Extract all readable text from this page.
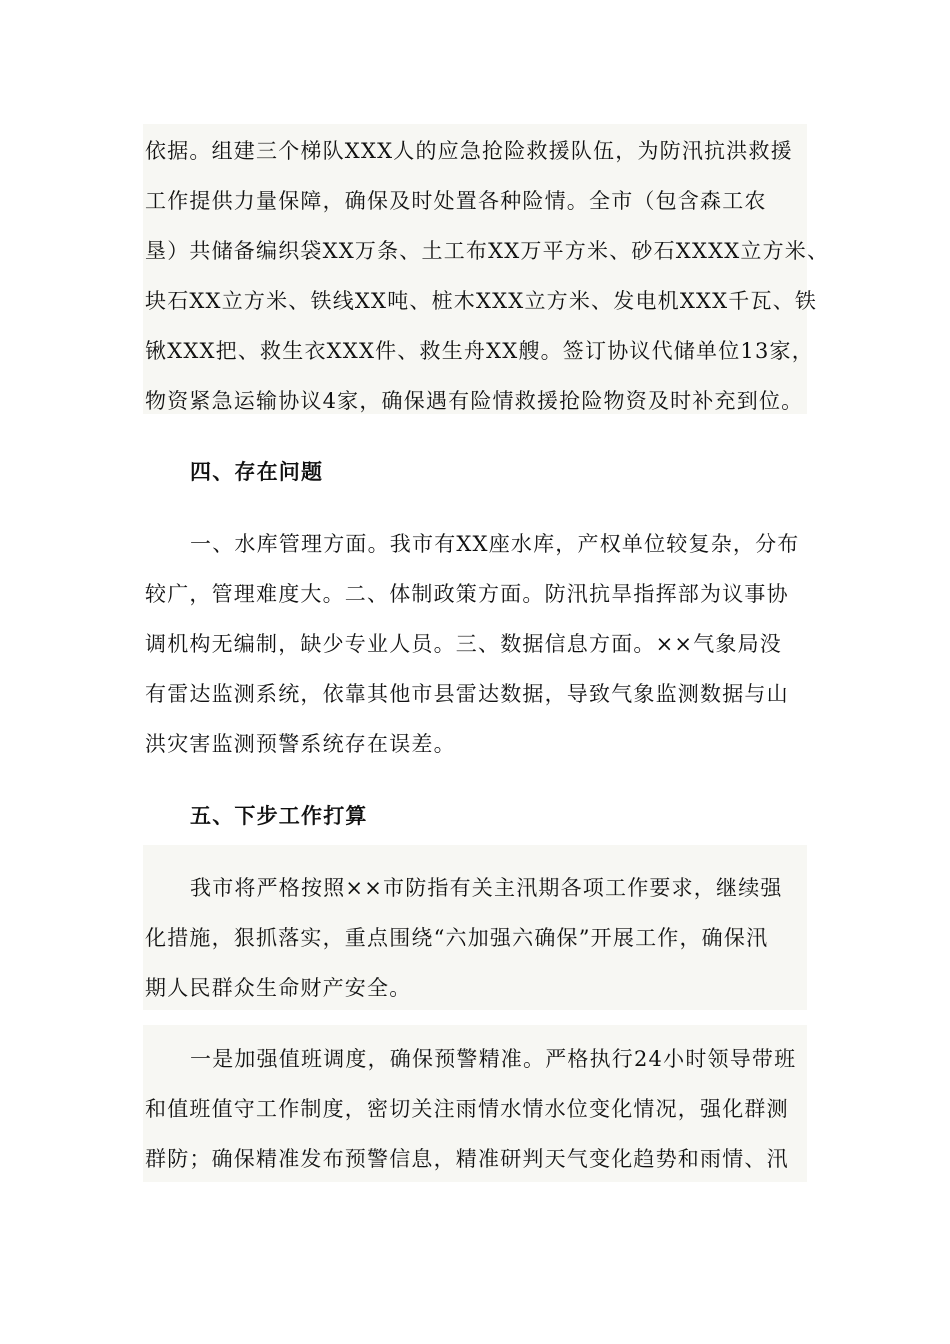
依据。组建三个梯队XXX人的应急抢险救援队伍，为防汛抗洪救援
工作提供力量保障，确保及时处置各种险情。全市（包含森工农
垦）共储备编织袋XX万条、土工布XX万平方米、砂石XXXX立方米、
块石XX立方米、铁线XX吨、桩木XXX立方米、发电机XXX千瓦、铁
锹XXX把、救生衣XXX件、救生舟XX艘。签订协议代储单位13家，
物资紧急运输协议4家，确保遇有险情救援抢险物资及时补充到位。
四、存在问题
一、水库管理方面。我市有XX座水库，产权单位较复杂，分布
较广，管理难度大。二、体制政策方面。防汛抗旱指挥部为议事协
调机构无编制，缺少专业人员。三、数据信息方面。××气象局没
有雷达监测系统，依靠其他市县雷达数据，导致气象监测数据与山
洪灾害监测预警系统存在误差。
五、下步工作打算
我市将严格按照××市防指有关主汛期各项工作要求，继续强
化措施，狠抓落实，重点围绕“六加强六确保”开展工作，确保汛
期人民群众生命财产安全。
一是加强值班调度，确保预警精准。严格执行24小时领导带班
和值班值守工作制度，密切关注雨情水情水位变化情况，强化群测
群防；确保精准发布预警信息，精准研判天气变化趋势和雨情、汛
